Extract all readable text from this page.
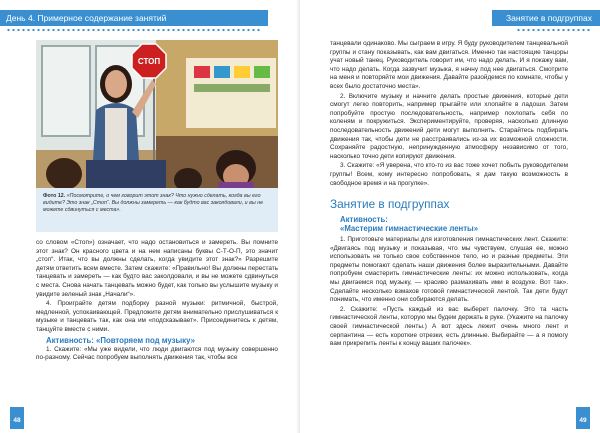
День 4. Примерное содержание занятий
СТОП
Фото 12. «Посмотрите, о чем говорит этот знак? Что нужно сделать, когда вы его видите? Это знак „Стоп“. Вы должны замереть — как будто вас заколдовали, и вы не можете сдвинуться с места».

со словом «Стоп») означает, что надо остановиться и замереть. Вы помните этот знак? Он красного цвета и на нем написаны буквы С-Т-О-П, это значит „стоп“. Итак, что вы должны сделать, когда увидите этот знак?» Разрешите детям ответить всем вместе. Затем скажите: «Правильно! Вы должны перестать танцевать и замереть — как будто вас заколдовали, и вы не можете сдвинуться с места. Снова начать танцевать можно будет, как только вы услышите музыку и увидите зеленый знак „Начали“».

4. Проиграйте детям подборку разной музыки: ритмичной, быстрой, медленной, успокаивающей. Предложите детям внимательно прислушиваться к музыке и танцевать так, как она им «подсказывает». Присоединитесь к детям, танцуйте вместе с ними.

Активность: «Повторяем под музыку»

1. Скажите: «Мы уже видели, что люди двигаются под музыку совершенно по-разному. Сейчас попробуем выполнять движения так, чтобы все

48
Занятие в подгруппах

танцевали одинаково. Мы сыграем в игру. Я буду руководителем танцевальной группы и стану показывать, как вам двигаться. Именно так настоящие танцоры учат новый танец. Руководитель говорит им, что надо делать. И я покажу вам, что надо делать. Когда зазвучит музыка, я начну под нее двигаться. Смотрите на меня и повторяйте мои движения. Давайте разойдемся по комнате, чтобы у всех было достаточно места».

2. Включите музыку и начните делать простые движения, которые дети смогут легко повторить, например прыгайте или хлопайте в ладоши. Затем попробуйте простую последовательность, например похлопать себя по коленям и покружиться. Экспериментируйте, проверяя, насколько длинную последовательность движений дети могут выполнить. Старайтесь подбирать движения так, чтобы дети не расстраивались из-за их возможной сложности. Сохраняйте радостную, непринужденную атмосферу независимо от того, насколько точно дети копируют движения.

3. Скажите: «Я уверена, что кто-то из вас тоже хочет побыть руководителем группы! Всем, кому интересно попробовать, я дам такую возможность в свободное время и на прогулке».

Занятие в подгруппах

Активность:

«Мастерим гимнастические ленты»

1. Приготовьте материалы для изготовления гимнастических лент. Скажите: «Двигаясь под музыку и показывая, что мы чувствуем, слушая ее, можно использовать не только свое собственное тело, но и разные предметы. Эти предметы помогают сделать наши движения более выразительными. Давайте попробуем смастерить гимнастические ленты: их можно использовать, когда мы двигаемся под музыку, — красиво размахивать ими в воздухе. Вот так». Сделайте несколько взмахов готовой гимнастической лентой. Так дети будут понимать, что именно они собираются делать.

2. Скажите: «Пусть каждый из вас выберет палочку. Это та часть гимнастической ленты, которую мы будем держать в руке. (Укажите на палочку своей гимнастической ленты.) А вот здесь лежит очень много лент и серпантина — есть короткие отрезки, есть длинные. Выбирайте — а я помогу вам прикрепить ленты к концу ваших палочек».

49
